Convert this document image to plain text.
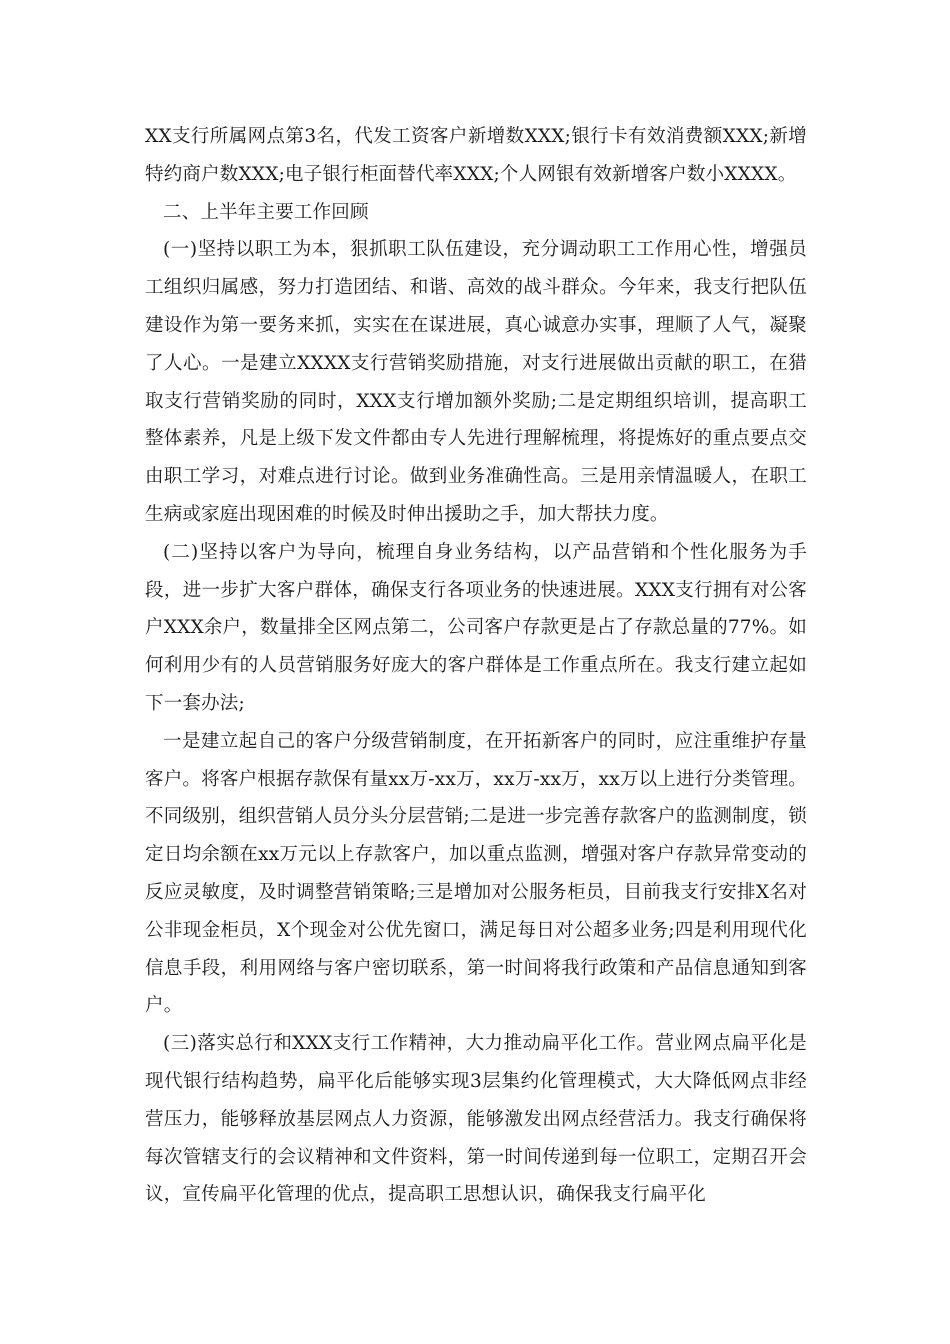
XX支行所属网点第3名，代发工资客户新增数XXX;银行卡有效消费额XXX;新增特约商户数XXX;电子银行柜面替代率XXX;个人网银有效新增客户数小XXXX。

二、上半年主要工作回顾

(一)坚持以职工为本，狠抓职工队伍建设，充分调动职工工作用心性，增强员工组织归属感，努力打造团结、和谐、高效的战斗群众。今年来，我支行把队伍建设作为第一要务来抓，实实在在谋进展，真心诚意办实事，理顺了人气，凝聚了人心。一是建立XXXX支行营销奖励措施，对支行进展做出贡献的职工，在猎取支行营销奖励的同时，XXX支行增加额外奖励;二是定期组织培训，提高职工整体素养，凡是上级下发文件都由专人先进行理解梳理，将提炼好的重点要点交由职工学习，对难点进行讨论。做到业务准确性高。三是用亲情温暖人，在职工生病或家庭出现困难的时候及时伸出援助之手，加大帮扶力度。

(二)坚持以客户为导向，梳理自身业务结构，以产品营销和个性化服务为手段，进一步扩大客户群体，确保支行各项业务的快速进展。XXX支行拥有对公客户XXX余户，数量排全区网点第二，公司客户存款更是占了存款总量的77%。如何利用少有的人员营销服务好庞大的客户群体是工作重点所在。我支行建立起如下一套办法;

一是建立起自己的客户分级营销制度，在开拓新客户的同时，应注重维护存量客户。将客户根据存款保有量xx万-xx万，xx万-xx万，xx万以上进行分类管理。不同级别，组织营销人员分头分层营销;二是进一步完善存款客户的监测制度，锁定日均余额在xx万元以上存款客户，加以重点监测，增强对客户存款异常变动的反应灵敏度，及时调整营销策略;三是增加对公服务柜员，目前我支行安排X名对公非现金柜员，X个现金对公优先窗口，满足每日对公超多业务;四是利用现代化信息手段，利用网络与客户密切联系，第一时间将我行政策和产品信息通知到客户。

(三)落实总行和XXX支行工作精神，大力推动扁平化工作。营业网点扁平化是现代银行结构趋势，扁平化后能够实现3层集约化管理模式，大大降低网点非经营压力，能够释放基层网点人力资源，能够激发出网点经营活力。我支行确保将每次管辖支行的会议精神和文件资料，第一时间传递到每一位职工，定期召开会议，宣传扁平化管理的优点，提高职工思想认识，确保我支行扁平化
